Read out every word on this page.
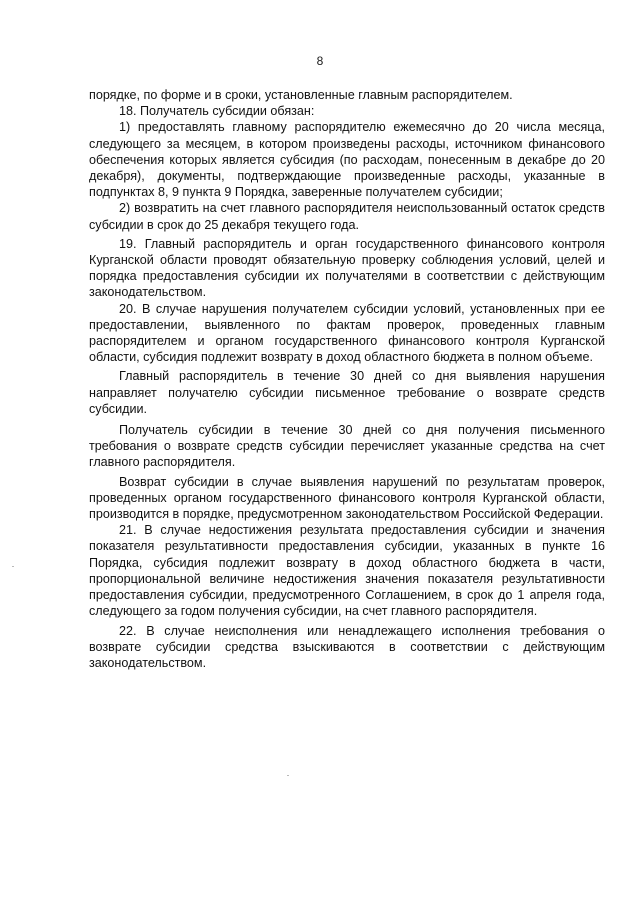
8

порядке, по форме и в сроки, установленные главным распорядителем.

18. Получатель субсидии обязан:

1) предоставлять главному распорядителю ежемесячно до 20 числа месяца, следующего за месяцем, в котором произведены расходы, источником финансового обеспечения которых является субсидия (по расходам, понесенным в декабре до 20 декабря), документы, подтверждающие произведенные расходы, указанные в подпунктах 8, 9 пункта 9 Порядка, заверенные получателем субсидии;

2) возвратить на счет главного распорядителя неиспользованный остаток средств субсидии в срок до 25 декабря текущего года.

19. Главный распорядитель и орган государственного финансового контроля Курганской области проводят обязательную проверку соблюдения условий, целей и порядка предоставления субсидии их получателями в соответствии с действующим законодательством.

20. В случае нарушения получателем субсидии условий, установленных при ее предоставлении, выявленного по фактам проверок, проведенных главным распорядителем и органом государственного финансового контроля Курганской области, субсидия подлежит возврату в доход областного бюджета в полном объеме.

Главный распорядитель в течение 30 дней со дня выявления нарушения направляет получателю субсидии письменное требование о возврате средств субсидии.

Получатель субсидии в течение 30 дней со дня получения письменного требования о возврате средств субсидии перечисляет указанные средства на счет главного распорядителя.

Возврат субсидии в случае выявления нарушений по результатам проверок, проведенных органом государственного финансового контроля Курганской области, производится в порядке, предусмотренном законодательством Российской Федерации.

21. В случае недостижения результата предоставления субсидии и значения показателя результативности предоставления субсидии, указанных в пункте 16 Порядка, субсидия подлежит возврату в доход областного бюджета в части, пропорциональной величине недостижения значения показателя результативности предоставления субсидии, предусмотренного Соглашением, в срок до 1 апреля года, следующего за годом получения субсидии, на счет главного распорядителя.

22. В случае неисполнения или ненадлежащего исполнения требования о возврате субсидии средства взыскиваются в соответствии с действующим законодательством.
